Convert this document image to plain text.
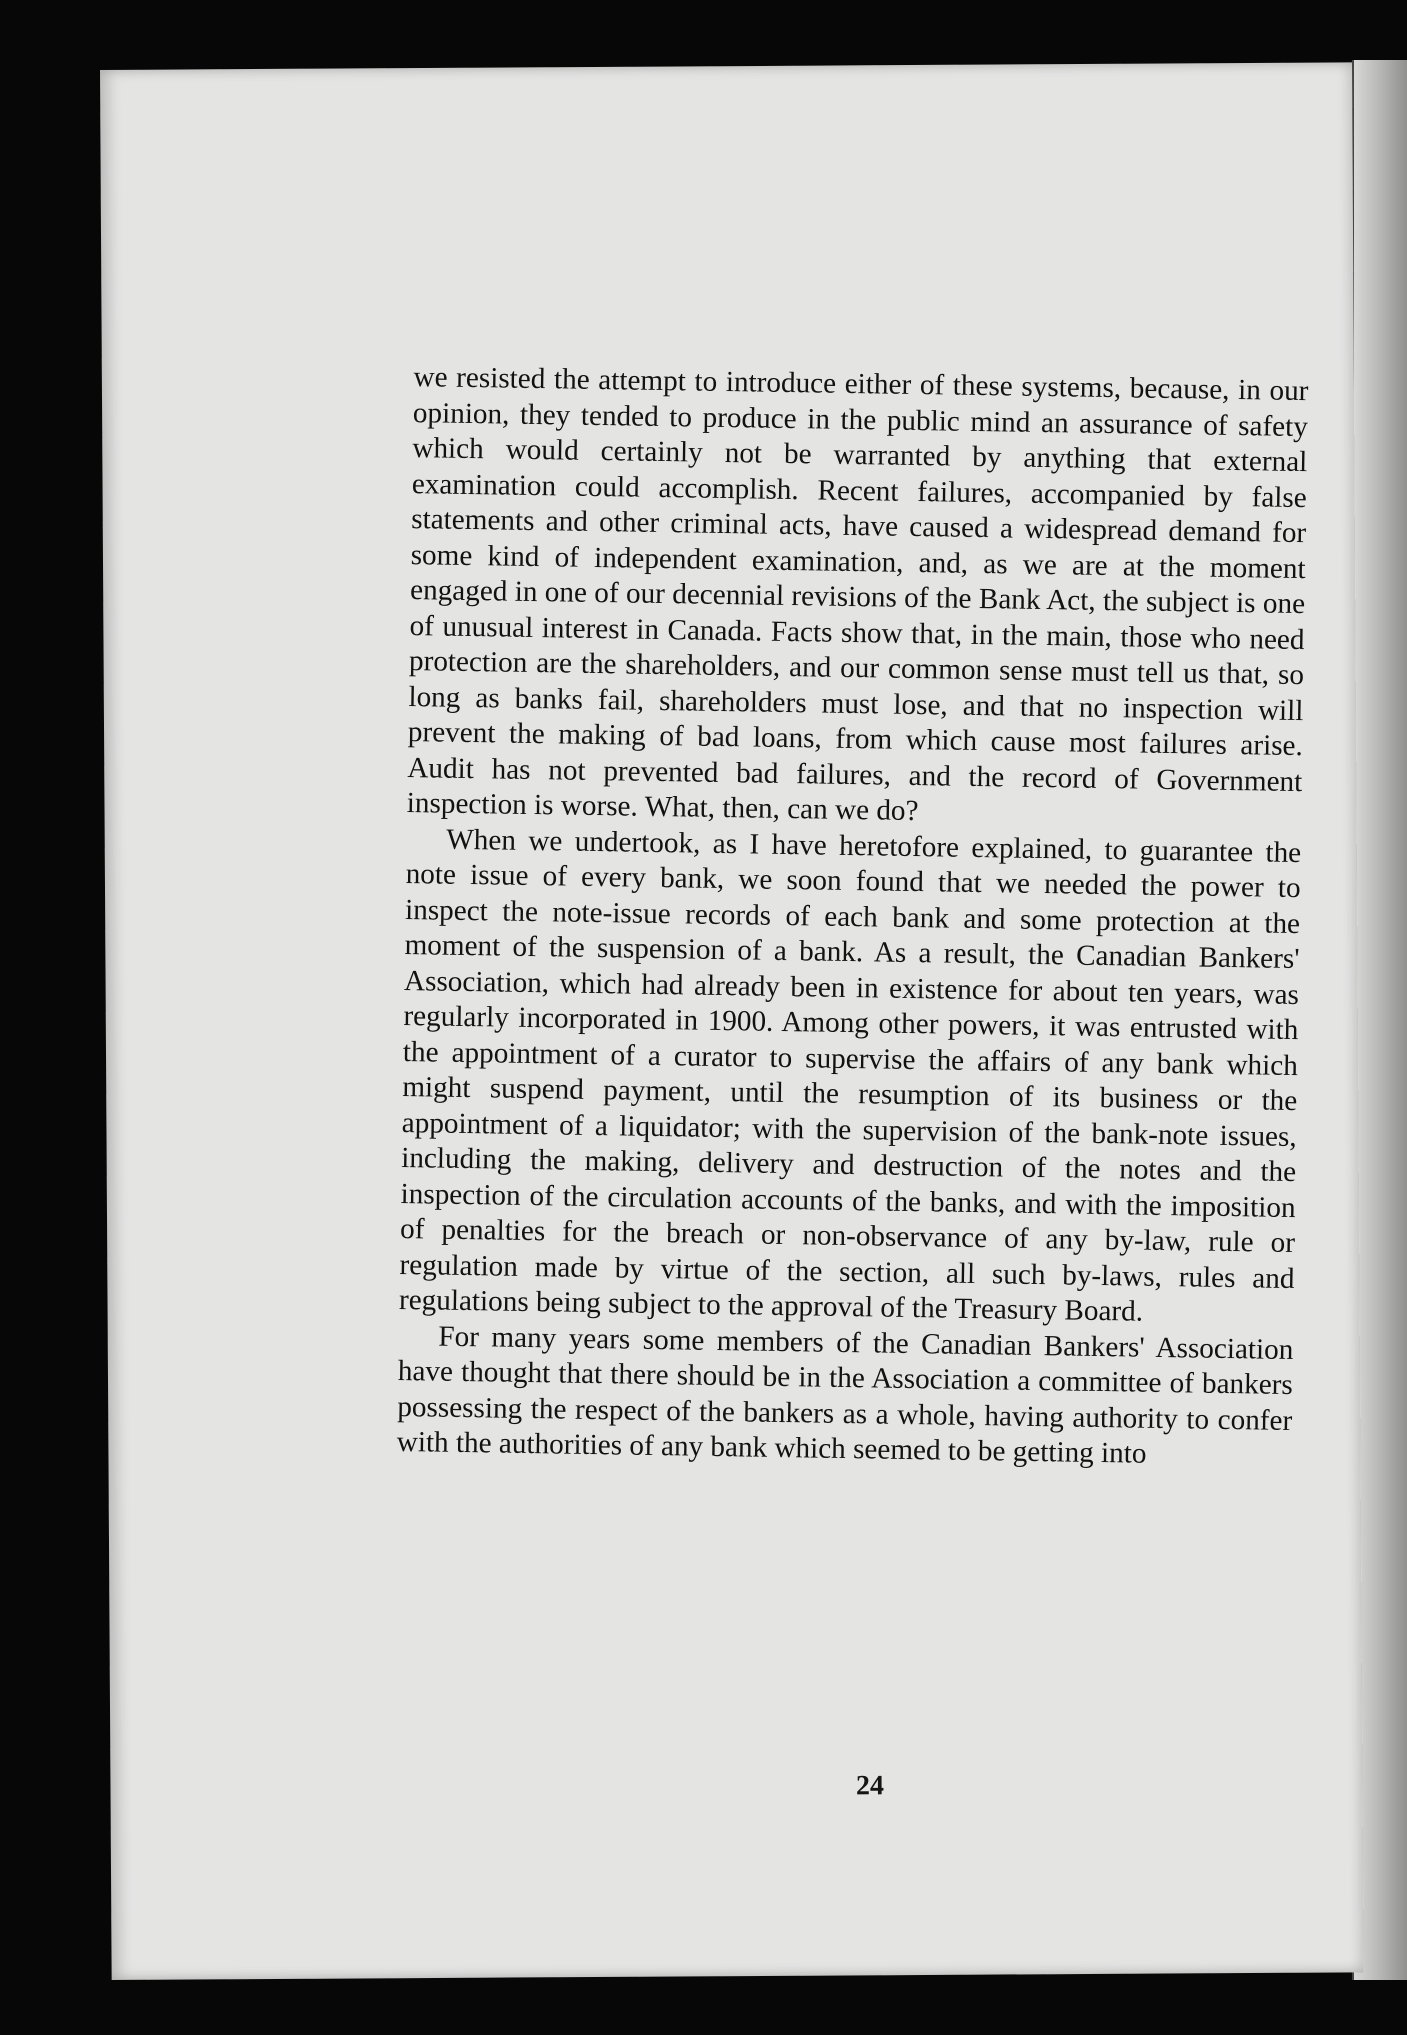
we resisted the attempt to introduce either of these systems, because, in our opinion, they tended to produce in the public mind an assurance of safety which would certainly not be warranted by anything that external examination could accomplish. Recent failures, accompanied by false statements and other criminal acts, have caused a widespread demand for some kind of independent examination, and, as we are at the moment engaged in one of our decennial revisions of the Bank Act, the subject is one of unusual interest in Canada. Facts show that, in the main, those who need protection are the shareholders, and our common sense must tell us that, so long as banks fail, shareholders must lose, and that no inspection will prevent the making of bad loans, from which cause most failures arise. Audit has not prevented bad failures, and the record of Government inspection is worse. What, then, can we do?

When we undertook, as I have heretofore explained, to guarantee the note issue of every bank, we soon found that we needed the power to inspect the note-issue records of each bank and some protection at the moment of the suspension of a bank. As a result, the Canadian Bankers' Association, which had already been in existence for about ten years, was regularly incorporated in 1900. Among other powers, it was entrusted with the appointment of a curator to supervise the affairs of any bank which might suspend payment, until the resumption of its business or the appointment of a liquidator; with the supervision of the bank-note issues, including the making, delivery and destruction of the notes and the inspection of the circulation accounts of the banks, and with the imposition of penalties for the breach or non-observance of any by-law, rule or regulation made by virtue of the section, all such by-laws, rules and regulations being subject to the approval of the Treasury Board.

For many years some members of the Canadian Bankers' Association have thought that there should be in the Association a committee of bankers possessing the respect of the bankers as a whole, having authority to confer with the authorities of any bank which seemed to be getting into

24
